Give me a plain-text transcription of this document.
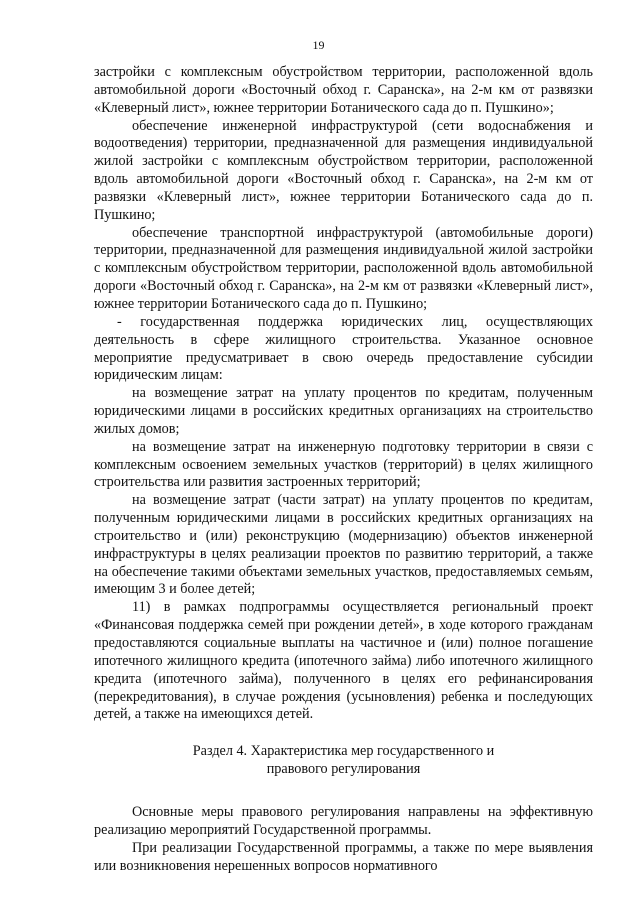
19

застройки с комплексным обустройством территории, расположенной вдоль автомобильной дороги «Восточный обход г. Саранска», на 2-м км от развязки «Клеверный лист», южнее территории Ботанического сада до п. Пушкино»;

обеспечение инженерной инфраструктурой (сети водоснабжения и водоотведения) территории, предназначенной для размещения индивидуальной жилой застройки с комплексным обустройством территории, расположенной вдоль автомобильной дороги «Восточный обход г. Саранска», на 2-м км от развязки «Клеверный лист», южнее территории Ботанического сада до п. Пушкино;

обеспечение транспортной инфраструктурой (автомобильные дороги) территории, предназначенной для размещения индивидуальной жилой застройки с комплексным обустройством территории, расположенной вдоль автомобильной дороги «Восточный обход г. Саранска», на 2-м км от развязки «Клеверный лист», южнее территории Ботанического сада до п. Пушкино;

- государственная поддержка юридических лиц, осуществляющих деятельность в сфере жилищного строительства. Указанное основное мероприятие предусматривает в свою очередь предоставление субсидии юридическим лицам:

на возмещение затрат на уплату процентов по кредитам, полученным юридическими лицами в российских кредитных организациях на строительство жилых домов;

на возмещение затрат на инженерную подготовку территории в связи с комплексным освоением земельных участков (территорий) в целях жилищного строительства или развития застроенных территорий;

на возмещение затрат (части затрат) на уплату процентов по кредитам, полученным юридическими лицами в российских кредитных организациях на строительство и (или) реконструкцию (модернизацию) объектов инженерной инфраструктуры в целях реализации проектов по развитию территорий, а также на обеспечение такими объектами земельных участков, предоставляемых семьям, имеющим 3 и более детей;

11) в рамках подпрограммы осуществляется региональный проект «Финансовая поддержка семей при рождении детей», в ходе которого гражданам предоставляются социальные выплаты на частичное и (или) полное погашение ипотечного жилищного кредита (ипотечного займа) либо ипотечного жилищного кредита (ипотечного займа), полученного в целях его рефинансирования (перекредитования), в случае рождения (усыновления) ребенка и последующих детей, а также на имеющихся детей.

Раздел 4. Характеристика мер государственного и
правового регулирования

Основные меры правового регулирования направлены на эффективную реализацию мероприятий Государственной программы.

При реализации Государственной программы, а также по мере выявления или возникновения нерешенных вопросов нормативного
